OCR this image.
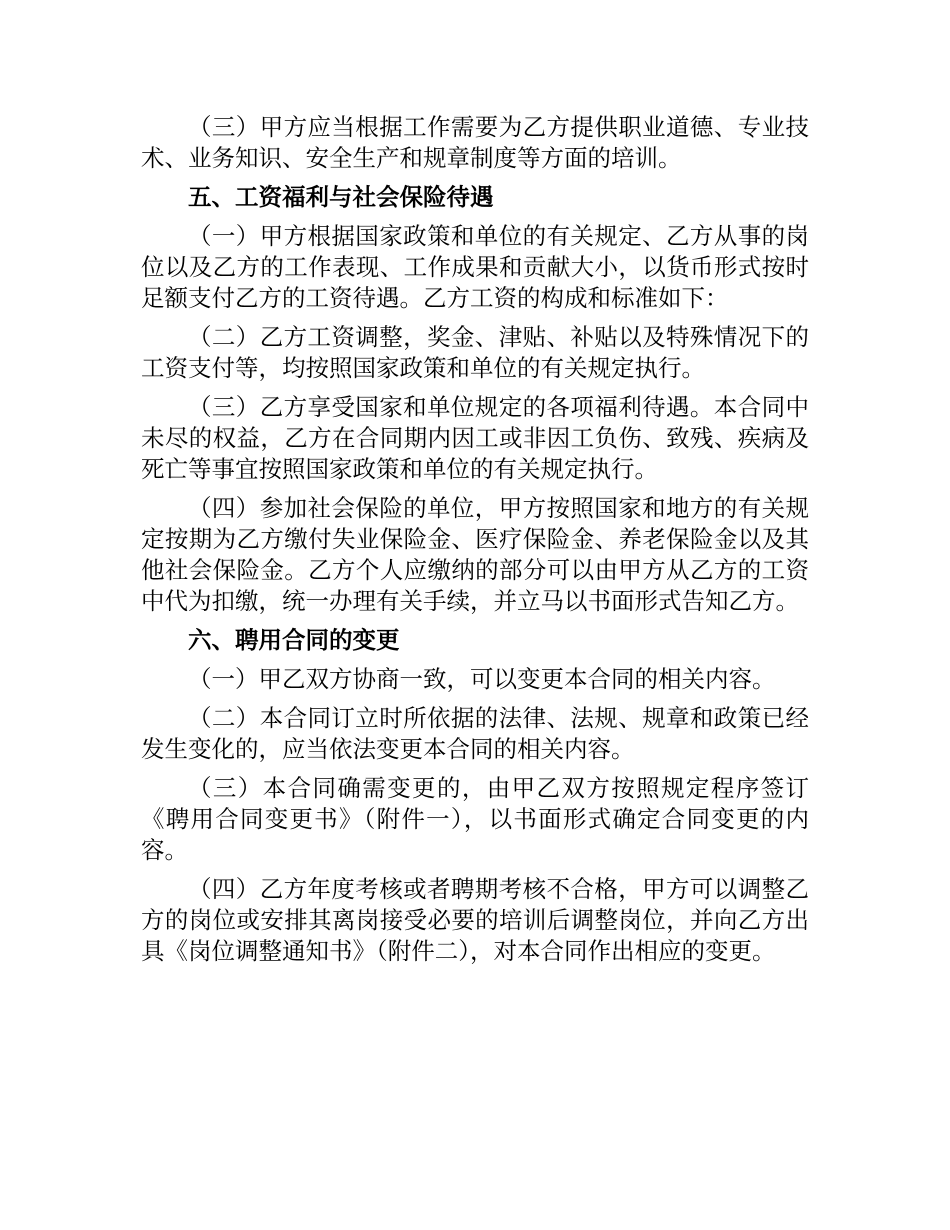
（三）甲方应当根据工作需要为乙方提供职业道德、专业技术、业务知识、安全生产和规章制度等方面的培训。

五、工资福利与社会保险待遇

（一）甲方根据国家政策和单位的有关规定、乙方从事的岗位以及乙方的工作表现、工作成果和贡献大小，以货币形式按时足额支付乙方的工资待遇。乙方工资的构成和标准如下：

（二）乙方工资调整，奖金、津贴、补贴以及特殊情况下的工资支付等，均按照国家政策和单位的有关规定执行。

（三）乙方享受国家和单位规定的各项福利待遇。本合同中未尽的权益，乙方在合同期内因工或非因工负伤、致残、疾病及死亡等事宜按照国家政策和单位的有关规定执行。

（四）参加社会保险的单位，甲方按照国家和地方的有关规定按期为乙方缴付失业保险金、医疗保险金、养老保险金以及其他社会保险金。乙方个人应缴纳的部分可以由甲方从乙方的工资中代为扣缴，统一办理有关手续，并立马以书面形式告知乙方。

六、聘用合同的变更

（一）甲乙双方协商一致，可以变更本合同的相关内容。

（二）本合同订立时所依据的法律、法规、规章和政策已经发生变化的，应当依法变更本合同的相关内容。

（三）本合同确需变更的，由甲乙双方按照规定程序签订《聘用合同变更书》（附件一），以书面形式确定合同变更的内容。

（四）乙方年度考核或者聘期考核不合格，甲方可以调整乙方的岗位或安排其离岗接受必要的培训后调整岗位，并向乙方出具《岗位调整通知书》（附件二），对本合同作出相应的变更。
